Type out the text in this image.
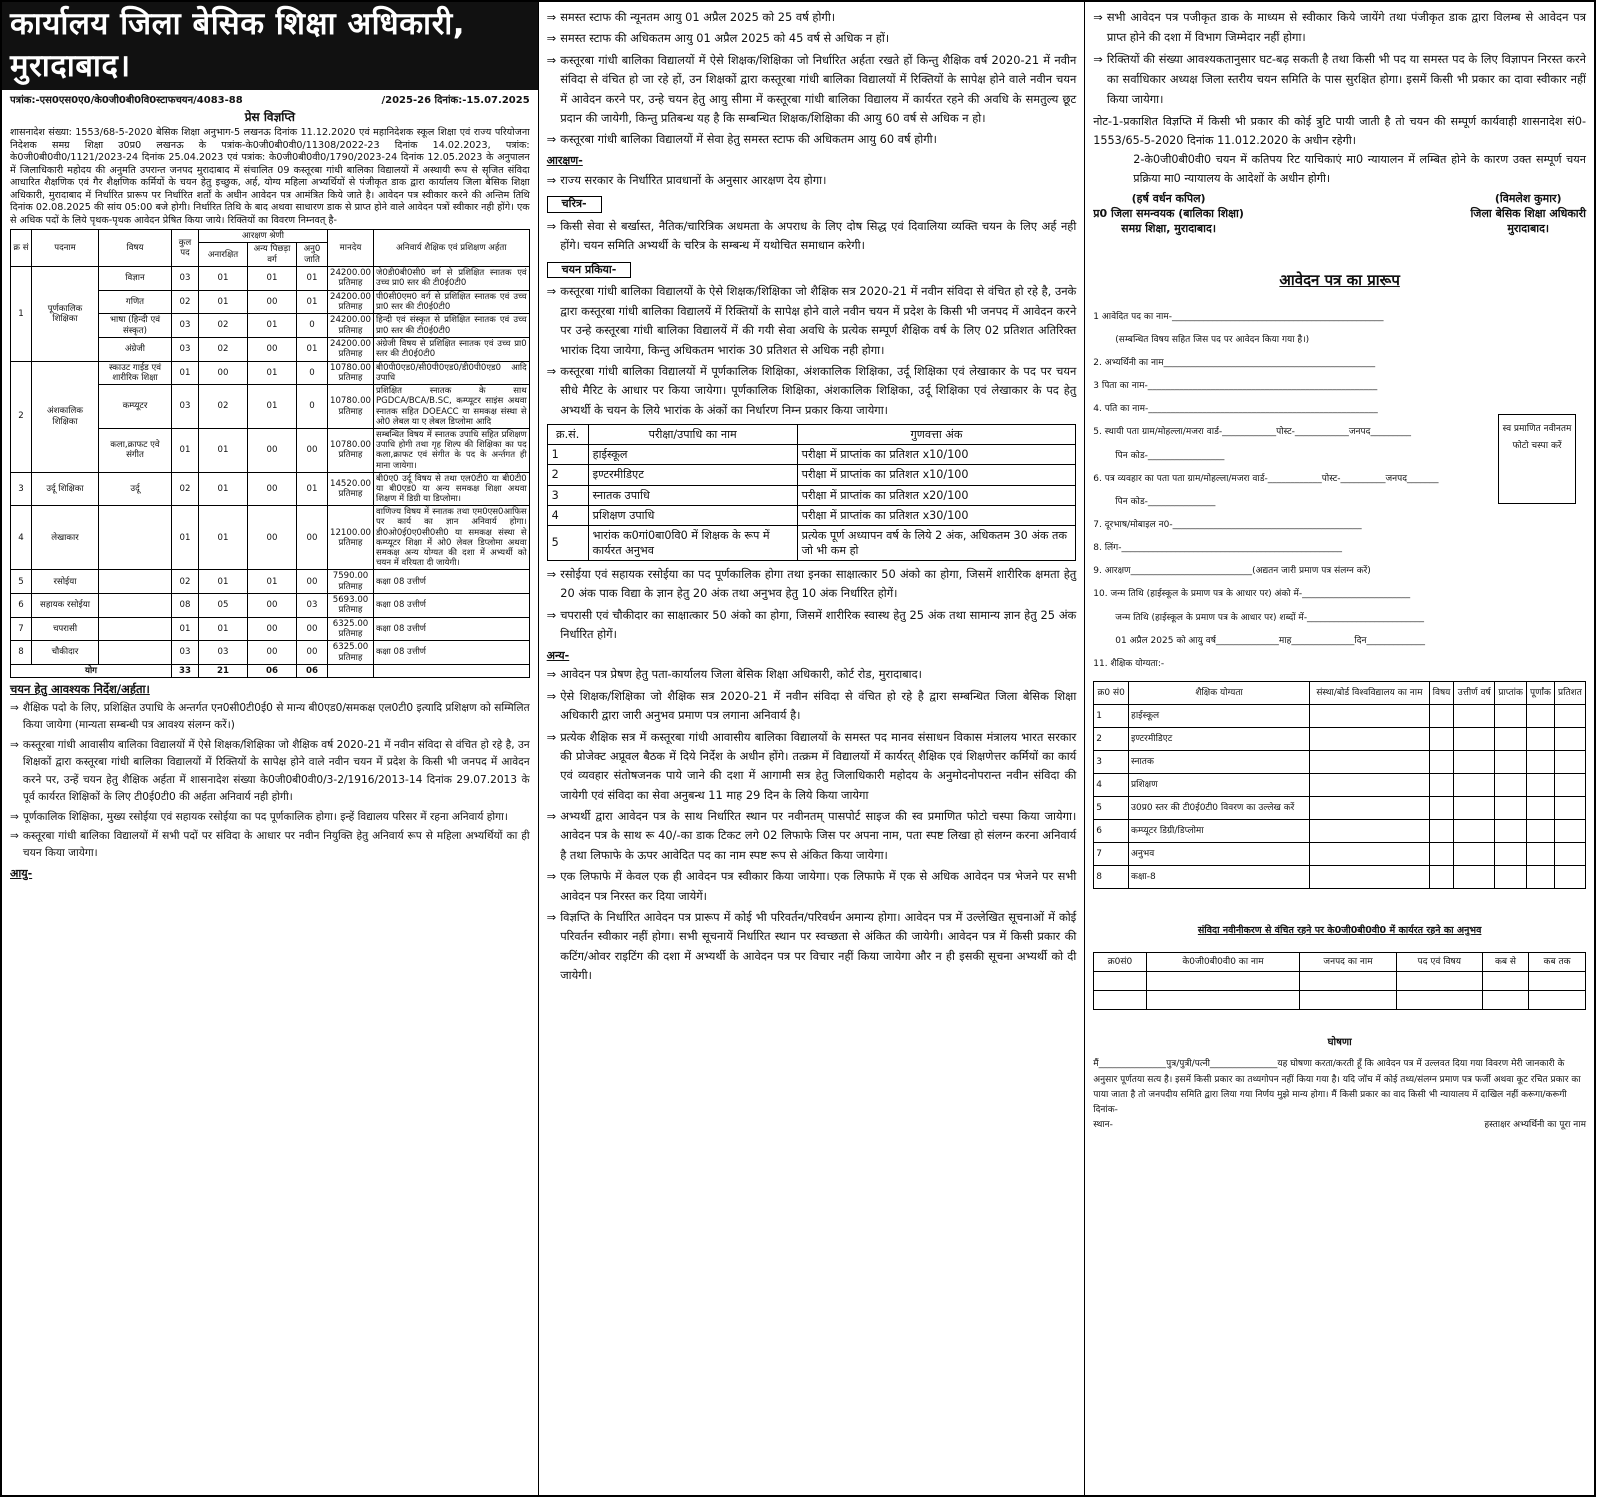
कार्यालय जिला बेसिक शिक्षा अधिकारी, मुरादाबाद।
पत्रांक:-एस0एस0ए0/के0जी0बी0वि0स्टाफचयन/4083-88	/2025-26 दिनांक:-15.07.2025
प्रेस विज्ञप्ति
शासनादेश संख्या: 1553/68-5-2020 बेसिक शिक्षा अनुभाग-5 लखनऊ दिनांक 11.12.2020 एवं महानिदेशक स्कूल शिक्षा एवं राज्य परियोजना निदेशक समग्र शिक्षा उ0प्र0 लखनऊ के पत्रांक-के0जी0बी0वी0/11308/2022-23 दिनांक 14.02.2023, पत्रांक: के0जी0बी0वी0/1121/2023-24 दिनांक 25.04.2023 एवं पत्रांक: के0जी0बी0वी0/1790/2023-24 दिनांक 12.05.2023 के अनुपालन में जिलाधिकारी महोदय की अनुमति उपरान्त जनपद मुरादाबाद में संचालित 09 कस्तूरबा गांधी बालिका विद्यालयों में अस्थायी रूप से सृजित संविदा आधारित शैक्षणिक एवं गैर शैक्षणिक कर्मियों के चयन हेतु इच्छुक, अर्ह, योग्य महिला अभ्यर्थियों से पंजीकृत डाक द्वारा कार्यालय जिला बेसिक शिक्षा अधिकारी, मुरादाबाद में निर्धारित प्रारूप पर निर्धारित शर्तों के अधीन आवेदन पत्र आमंत्रित किये जाते है। आवेदन पत्र स्वीकार करने की अन्तिम तिथि दिनांक 02.08.2025 की सांय 05:00 बजे होगी। निर्धारित तिथि के बाद अथवा साधारण डाक से प्राप्त होने वाले आवेदन पत्रों स्वीकार नही होंगे। एक से अधिक पदों के लिये पृथक-पृथक आवेदन प्रेषित किया जाये। रिक्तियों का विवरण निम्नवत् है-
क्र सं	पदनाम	विषय	कुल पद	आरक्षण श्रेणी			मानदेय	अनिवार्य शैक्षिक एवं प्रशिक्षण अर्हता
				अनारक्षित	अन्य पिछड़ा वर्ग	अनु0 जाति		
1	पूर्णकालिक शिक्षिका	विज्ञान	03	01	01	01	24200.00 प्रतिमाह	जे0डी0बी0सी0 वर्ग से प्रशिक्षित स्नातक एवं उच्च प्रा0 स्तर की टी0ई0टी0
		गणित	02	01	00	01	24200.00 प्रतिमाह	पी0सी0एम0 वर्ग से प्रशिक्षित स्नातक एवं उच्च प्रा0 स्तर की टी0ई0टी0
		भाषा (हिन्दी एवं संस्कृत)	03	02	01	0	24200.00 प्रतिमाह	हिन्दी एवं संस्कृत से प्रशिक्षित स्नातक एवं उच्च प्रा0 स्तर की टी0ई0टी0
		अंग्रेजी	03	02	00	01	24200.00 प्रतिमाह	अंग्रेजी विषय से प्रशिक्षित स्नातक एवं उच्च प्रा0 स्तर की टी0ई0टी0
2	अंशकालिक शिक्षिका	स्काउट गाईड एवं शारीरिक शिक्षा	01	00	01	0	10780.00 प्रतिमाह	बी0पी0एड0/सी0पी0एड0/डी0पी0एड0 आदि उपाधि
		कम्प्यूटर	03	02	01	0	10780.00 प्रतिमाह	प्रशिक्षित स्नातक के साथ PGDCA/BCA/B.SC, कम्प्यूटर साइंस अथवा स्नातक सहित DOEACC या समकक्ष संस्था से ओ0 लेबल या ए लेबल डिप्लोमा आदि
		कला,क्राफट एवे संगीत	01	01	00	00	10780.00 प्रतिमाह	सम्बन्धित विषय में स्नातक उपाधि सहित प्रशिक्षण उपाधि होगी तथा गृह शिल्प की शिक्षिका का पद कला,क्राफट एवं संगीत के पद के अर्न्तगत ही माना जायेगा।
3	उर्दू शिक्षिका	उर्दू	02	01	00	01	14520.00 प्रतिमाह	बी0ए0 उर्दू विषय से तथा एल0टी0 या बी0टी0 या बी0एड0 या अन्य समकक्ष शिक्षा अथवा शिक्षण में डिग्री या डिप्लोमा।
4	लेखाकार		01	01	00	00	12100.00 प्रतिमाह	वाणिज्य विषय में स्नातक तथा एम0एस0आफिस पर कार्य का ज्ञान अनिवार्य होगा। डी0ओ0ई0ए0सी0सी0 या समकक्ष संस्था से कम्प्यूटर शिक्षा में ओ0 लेवल डिप्लोमा अथवा समकक्ष अन्य योग्यत की दशा में अभ्यर्थी को चयन में वरियता दी जायेगी।
5	रसोईया		02	01	01	00	7590.00 प्रतिमाह	कक्षा 08 उत्तीर्ण
6	सहायक रसोईया		08	05	00	03	5693.00 प्रतिमाह	कक्षा 08 उत्तीर्ण
7	चपरासी		01	01	00	00	6325.00 प्रतिमाह	कक्षा 08 उत्तीर्ण
8	चौकीदार		03	03	00	00	6325.00 प्रतिमाह	कक्षा 08 उत्तीर्ण
योग			33	21	06	06		
चयन हेतु आवश्यक निर्देश/अर्हता।
⇒ शैक्षिक पदो के लिए, प्रशिक्षित उपाधि के अन्तर्गत एन0सी0टी0ई0 से मान्य बी0एड0/समकक्ष एल0टी0 इत्यादि प्रशिक्षण को सम्मिलित किया जायेगा (मान्यता सम्बन्धी पत्र आवश्य संलग्न करें।)
⇒ कस्तूरबा गांधी आवासीय बालिका विद्यालयों में ऐसे शिक्षक/शिक्षिका जो शैक्षिक वर्ष 2020-21 में नवीन संविदा से वंचित हो रहे है, उन शिक्षकों द्वारा कस्तूरबा गांधी बालिका विद्यालयों में रिक्तियों के सापेक्ष होने वाले नवीन चयन में प्रदेश के किसी भी जनपद में आवेदन करने पर, उन्हें चयन हेतु शैक्षिक अर्हता में शासनादेश संख्या के0जी0बी0वी0/3-2/1916/2013-14 दिनांक 29.07.2013 के पूर्व कार्यरत शिक्षिकों के लिए टी0ई0टी0 की अर्हता अनिवार्य नही होगी।
⇒ पूर्णकालिक शिक्षिका, मुख्य रसोईया एवं सहायक रसोईया का पद पूर्णकालिक होगा। इन्हें विद्यालय परिसर में रहना अनिवार्य होगा।
⇒ कस्तूरबा गांधी बालिका विद्यालयों में सभी पदों पर संविदा के आधार पर नवीन नियुक्ति हेतु अनिवार्य रूप से महिला अभ्यर्थियों का ही चयन किया जायेगा।
आयु-
⇒ समस्त स्टाफ की न्यूनतम आयु 01 अप्रैल 2025 को 25 वर्ष होगी।
⇒ समस्त स्टाफ की अधिकतम आयु 01 अप्रैल 2025 को 45 वर्ष से अधिक न हों।
⇒ कस्तूरबा गांधी बालिका विद्यालयों में ऐसे शिक्षक/शिक्षिका जो निर्धारित अर्हता रखते हों किन्तु शैक्षिक वर्ष 2020-21 में नवीन संविदा से वंचित हो जा रहे हों, उन शिक्षकों द्वारा कस्तूरबा गांधी बालिका विद्यालयों में रिक्तियों के सापेक्ष होने वाले नवीन चयन में आवेदन करने पर, उन्हे चयन हेतु आयु सीमा में कस्तूरबा गांधी बालिका विद्यालय में कार्यरत रहने की अवधि के समतुल्य छूट प्रदान की जायेगी, किन्तु प्रतिबन्ध यह है कि सम्बन्धित शिक्षक/शिक्षिका की आयु 60 वर्ष से अधिक न हो।
⇒ कस्तूरबा गांधी बालिका विद्यालयों में सेवा हेतु समस्त स्टाफ की अधिकतम आयु 60 वर्ष होगी।
आरक्षण-
⇒ राज्य सरकार के निर्धारित प्रावधानों के अनुसार आरक्षण देय होगा।
चरित्र-
⇒ किसी सेवा से बर्खास्त, नैतिक/चारित्रिक अधमता के अपराध के लिए दोष सिद्ध एवं दिवालिया व्यक्ति चयन के लिए अर्ह नही होंगे। चयन समिति अभ्यर्थी के चरित्र के सम्बन्ध में यथोचित समाधान करेगी।
चयन प्रकिया-
⇒ कस्तूरबा गांधी बालिका विद्यालयों के ऐसे शिक्षक/शिक्षिका जो शैक्षिक सत्र 2020-21 में नवीन संविदा से वंचित हो रहे है, उनके द्वारा कस्तूरबा गांधी बालिका विद्यालयें में रिक्तियों के सापेक्ष होने वाले नवीन चयन में प्रदेश के किसी भी जनपद में आवेदन करने पर उन्हे कस्तूरबा गांधी बालिका विद्यालयें में की गयी सेवा अवधि के प्रत्येक सम्पूर्ण शैक्षिक वर्ष के लिए 02 प्रतिशत अतिरिक्त भारांक दिया जायेगा, किन्तु अधिकतम भारांक 30 प्रतिशत से अधिक नही होगा।
⇒ कस्तूरबा गांधी बालिका विद्यालयों में पूर्णकालिक शिक्षिका, अंशकालिक शिक्षिका, उर्दू शिक्षिका एवं लेखाकार के पद पर चयन सीधे मैरिट के आधार पर किया जायेगा। पूर्णकालिक शिक्षिका, अंशकालिक शिक्षिका, उर्दू शिक्षिका एवं लेखाकार के पद हेतु अभ्यर्थी के चयन के लिये भारांक के अंकों का निर्धारण निम्न प्रकार किया जायेगा।
क्र.सं.	परीक्षा/उपाधि का नाम	गुणवत्ता अंक
1	हाईस्कूल	परीक्षा में प्राप्तांक का प्रतिशत x10/100
2	इण्टरमीडिएट	परीक्षा में प्राप्तांक का प्रतिशत x10/100
3	स्नातक उपाधि	परीक्षा में प्राप्तांक का प्रतिशत x20/100
4	प्रशिक्षण उपाधि	परीक्षा में प्राप्तांक का प्रतिशत x30/100
5	भारांक क0गां0बा0वि0 में शिक्षक के रूप में कार्यरत अनुभव	प्रत्येक पूर्ण अध्यापन वर्ष के लिये 2 अंक, अधिकतम 30 अंक तक जो भी कम हो
⇒ रसोईया एवं सहायक रसोईया का पद पूर्णकालिक होगा तथा इनका साक्षात्कार 50 अंको का होगा, जिसमें शारीरिक क्षमता हेतु 20 अंक पाक विद्या के ज्ञान हेतु 20 अंक तथा अनुभव हेतु 10 अंक निर्धारित होगें।
⇒ चपरासी एवं चौकीदार का साक्षात्कार 50 अंको का होगा, जिसमें शारीरिक स्वास्थ हेतु 25 अंक तथा सामान्य ज्ञान हेतु 25 अंक निर्धारित होगें।
अन्य-
⇒ आवेदन पत्र प्रेषण हेतु पता-कार्यालय जिला बेसिक शिक्षा अधिकारी, कोर्ट रोड, मुरादाबाद।
⇒ ऐसे शिक्षक/शिक्षिका जो शैक्षिक सत्र 2020-21 में नवीन संविदा से वंचित हो रहे है द्वारा सम्बन्धित जिला बेसिक शिक्षा अधिकारी द्वारा जारी अनुभव प्रमाण पत्र लगाना अनिवार्य है।
⇒ प्रत्येक शैक्षिक सत्र में कस्तूरबा गांधी आवासीय बालिका विद्यालयों के समस्त पद मानव संसाधन विकास मंत्रालय भारत सरकार की प्रोजेक्ट अप्रूवल बैठक में दिये निर्देश के अधीन होंगे। तत्क्रम में विद्यालयों में कार्यरत् शैक्षिक एवं शिक्षणेत्तर कर्मियों का कार्य एवं व्यवहार संतोषजनक पाये जाने की दशा में आगामी सत्र हेतु जिलाधिकारी महोदय के अनुमोदनोपरान्त नवीन संविदा की जायेगी एवं संविदा का सेवा अनुबन्ध 11 माह 29 दिन के लिये किया जायेगा
⇒ अभ्यर्थी द्वारा आवेदन पत्र के साथ निर्धारित स्थान पर नवीनतम् पासपोर्ट साइज की स्व प्रमाणित फोटो चस्पा किया जायेगा। आवेदन पत्र के साथ रू 40/-का डाक टिकट लगे 02 लिफाफे जिस पर अपना नाम, पता स्पष्ट लिखा हो संलग्न करना अनिवार्य है तथा लिफाफे के ऊपर आवेदित पद का नाम स्पष्ट रूप से अंकित किया जायेगा।
⇒ एक लिफाफे में केवल एक ही आवेदन पत्र स्वीकार किया जायेगा। एक लिफाफे में एक से अधिक आवेदन पत्र भेजने पर सभी आवेदन पत्र निरस्त कर दिया जायेगें।
⇒ विज्ञप्ति के निर्धारित आवेदन पत्र प्रारूप में कोई भी परिवर्तन/परिवर्धन अमान्य होगा। आवेदन पत्र में उल्लेखित सूचनाओं में कोई परिवर्तन स्वीकार नहीं होगा। सभी सूचनायें निर्धारित स्थान पर स्वच्छता से अंकित की जायेगी। आवेदन पत्र में किसी प्रकार की कटिंग/ओवर राइटिंग की दशा में अभ्यर्थी के आवेदन पत्र पर विचार नहीं किया जायेगा और न ही इसकी सूचना अभ्यर्थी को दी जायेगी।
⇒ सभी आवेदन पत्र पजीकृत डाक के माध्यम से स्वीकार किये जायेंगे तथा पंजीकृत डाक द्वारा विलम्ब से आवेदन पत्र प्राप्त होने की दशा में विभाग जिम्मेदार नहीं होगा।
⇒ रिक्तियों की संख्या आवश्यकतानुसार घट-बढ़ सकती है तथा किसी भी पद या समस्त पद के लिए विज्ञापन निरस्त करने का सर्वाधिकार अध्यक्ष जिला स्तरीय चयन समिति के पास सुरक्षित होगा। इसमें किसी भी प्रकार का दावा स्वीकार नहीं किया जायेगा।
नोट-1-प्रकाशित विज्ञप्ति में किसी भी प्रकार की कोई त्रुटि पायी जाती है तो चयन की सम्पूर्ण कार्यवाही शासनादेश सं0-1553/65-5-2020 दिनांक 11.012.2020 के अधीन रहेगी।
2-के0जी0बी0वी0 चयन में कतिपय रिट याचिकाएं मा0 न्यायालन में लम्बित होने के कारण उक्त सम्पूर्ण चयन प्रक्रिया मा0 न्यायालय के आदेशों के अधीन होगी।
(हर्ष वर्धन कपिल)
प्र0 जिला समन्वयक (बालिका शिक्षा)
समग्र शिक्षा, मुरादाबाद।
(विमलेश कुमार)
जिला बेसिक शिक्षा अधिकारी
मुरादाबाद।
आवेदन पत्र का प्रारूप
स्व प्रमाणित नवीनतम फोटो चस्पा करें
1 आवेदित पद का नाम-_______________________________________________
(सम्बन्धित विषय सहित जिस पद पर आवेदन किया गया है।)
2. अभ्यर्थिनी का नाम_______________________________________________
3 पिता का नाम-___________________________________________________
4. पति का नाम-___________________________________________________
5. स्थायी पता ग्राम/मोहल्ला/मजरा वार्ड-____________पोस्ट-____________जनपद_________
पिन कोड-_________________
6. पत्र व्यवहार का पता पता ग्राम/मोहल्ला/मजरा वार्ड-____________पोस्ट-__________जनपद_______
पिन कोड-_______________
7. दूरभाष/मोबाइल न0-__________________________________________
8. लिंग-_________________________________________________
9. आरक्षण___________________________(अद्यतन जारी प्रमाण पत्र संलग्न करें)
10. जन्म तिथि (हाईस्कूल के प्रमाण पत्र के आधार पर) अंको में-________________________
जन्म तिथि (हाईस्कूल के प्रमाण पत्र के आधार पर) शब्दों में-__________________________
01 अप्रैल 2025 को आयु वर्ष______________माह______________दिन_____________
11. शैक्षिक योग्यता:-
क्र0 सं0	शैक्षिक योग्यता	संस्था/बोर्ड विश्वविद्यालय का नाम	विषय	उत्तीर्ण वर्ष	प्राप्तांक	पूर्णांक	प्रतिशत
1	हाईस्कूल						
2	इण्टरमीडिएट						
3	स्नातक						
4	प्रशिक्षण						
5	उ0प्र0 स्तर की टी0ई0टी0 विवरण का उल्लेख करें						
6	कम्प्यूटर डिग्री/डिप्लोमा						
7	अनुभव						
8	कक्षा-8						
संविदा नवीनीकरण से वंचित रहने पर के0जी0बी0वी0 में कार्यरत रहने का अनुभव
क्र0सं0	के0जी0बी0वी0 का नाम	जनपद का नाम	पद एवं विषय	कब से	कब तक

घोषणा
मैं_______________पुत्र/पुत्री/पत्नी_______________यह घोषणा करता/करती हूँ कि आवेदन पत्र में उल्लवत दिया गया विवरण मेरी जानकारी के अनुसार पूर्णतया सत्य है। इसमें किसी प्रकार का तथ्यगोपन नहीं किया गया है। यदि जॉच में कोई तथ्य/संलग्न प्रमाण पत्र फर्जी अथवा कूट रचित प्रकार का पाया जाता है तो जनपदीय समिति द्वारा लिया गया निर्णय मुझे मान्य होगा। मैं किसी प्रकार का वाद किसी भी न्यायालय में दाखिल नहीं करूगा/करूगी
दिनांक-
स्थान-	हस्ताक्षर अभ्यर्थिनी का पूरा नाम
